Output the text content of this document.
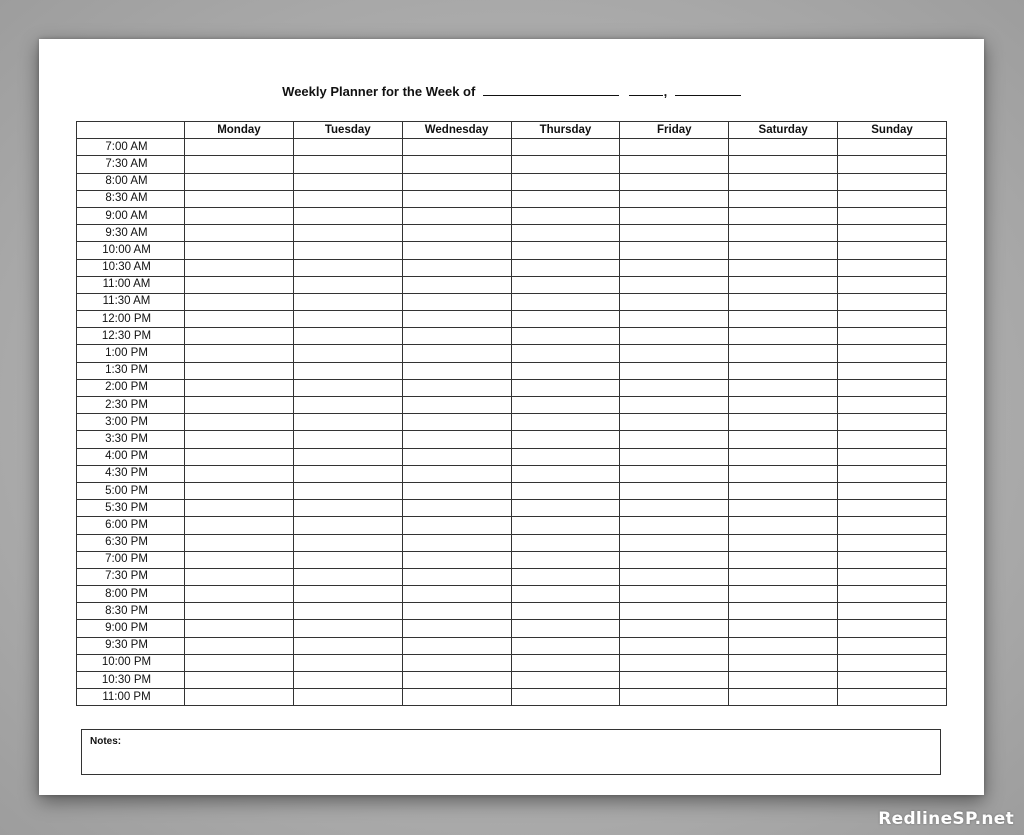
Weekly Planner for the Week of	,
	Monday	Tuesday	Wednesday	Thursday	Friday	Saturday	Sunday
7:00 AM							
7:30 AM							
8:00 AM							
8:30 AM							
9:00 AM							
9:30 AM							
10:00 AM							
10:30 AM							
11:00 AM							
11:30 AM							
12:00 PM							
12:30 PM							
1:00 PM							
1:30 PM							
2:00 PM							
2:30 PM							
3:00 PM							
3:30 PM							
4:00 PM							
4:30 PM							
5:00 PM							
5:30 PM							
6:00 PM							
6:30 PM							
7:00 PM							
7:30 PM							
8:00 PM							
8:30 PM							
9:00 PM							
9:30 PM							
10:00 PM							
10:30 PM							
11:00 PM							
Notes:
RedlineSP.net
